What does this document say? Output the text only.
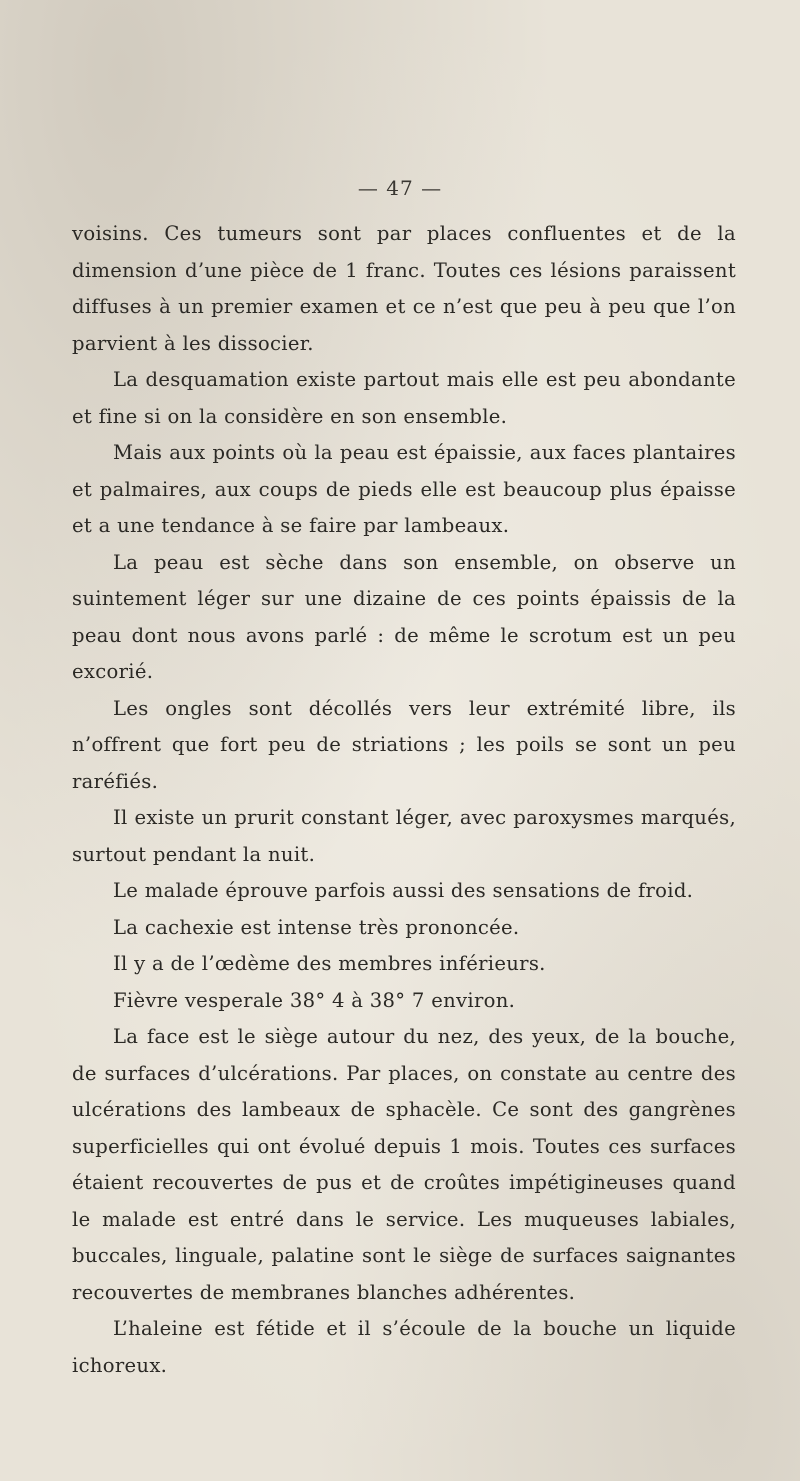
— 47 —

voisins. Ces tumeurs sont par places confluentes et de la dimension d’une pièce de 1 franc. Toutes ces lésions paraissent diffuses à un premier examen et ce n’est que peu à peu que l’on parvient à les dissocier.

La desquamation existe partout mais elle est peu abondante et fine si on la considère en son ensemble.

Mais aux points où la peau est épaissie, aux faces plantaires et palmaires, aux coups de pieds elle est beaucoup plus épaisse et a une tendance à se faire par lambeaux.

La peau est sèche dans son ensemble, on observe un suintement léger sur une dizaine de ces points épaissis de la peau dont nous avons parlé : de même le scrotum est un peu excorié.

Les ongles sont décollés vers leur extrémité libre, ils n’offrent que fort peu de striations ; les poils se sont un peu raréfiés.

Il existe un prurit constant léger, avec paroxysmes marqués, surtout pendant la nuit.

Le malade éprouve parfois aussi des sensations de froid.

La cachexie est intense très prononcée.

Il y a de l’œdème des membres inférieurs.

Fièvre vesperale 38° 4 à 38° 7 environ.

La face est le siège autour du nez, des yeux, de la bouche, de surfaces d’ulcérations. Par places, on constate au centre des ulcérations des lambeaux de sphacèle. Ce sont des gangrènes superficielles qui ont évolué depuis 1 mois. Toutes ces surfaces étaient recouvertes de pus et de croûtes impétigineuses quand le malade est entré dans le service. Les muqueuses labiales, buccales, linguale, palatine sont le siège de surfaces saignantes recouvertes de membranes blanches adhérentes.

L’haleine est fétide et il s’écoule de la bouche un liquide ichoreux.
